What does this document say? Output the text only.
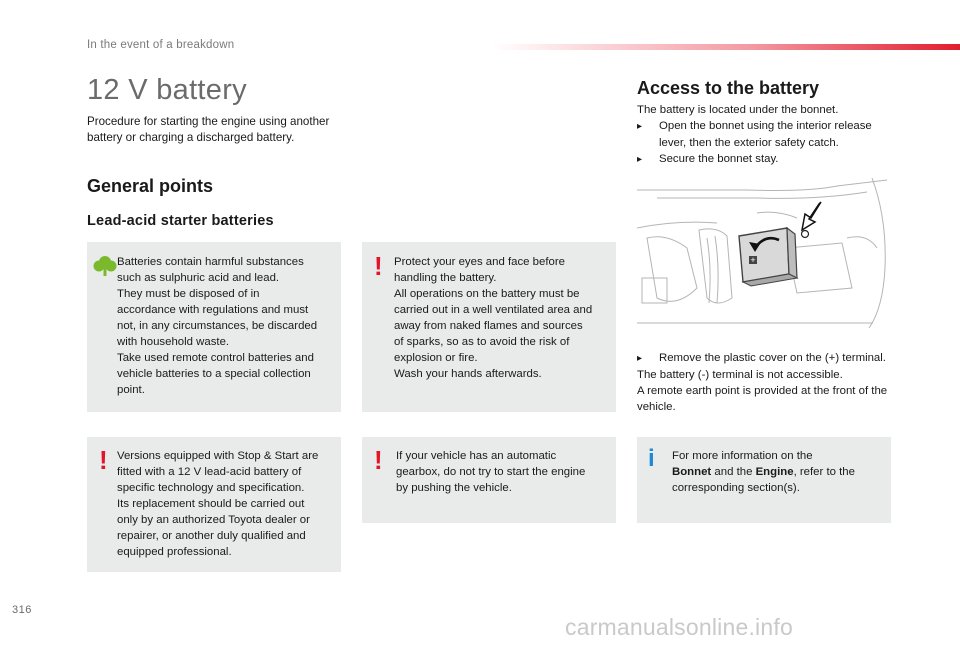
In the event of a breakdown
12 V battery
Procedure for starting the engine using another battery or charging a discharged battery.
General points
Lead-acid starter batteries
Batteries contain harmful substances
such as sulphuric acid and lead.
They must be disposed of in
accordance with regulations and must
not, in any circumstances, be discarded
with household waste.
Take used remote control batteries and
vehicle batteries to a special collection
point.
! Protect your eyes and face before
handling the battery.
All operations on the battery must be
carried out in a well ventilated area and
away from naked flames and sources
of sparks, so as to avoid the risk of
explosion or fire.
Wash your hands afterwards.
! Versions equipped with Stop & Start are
fitted with a 12 V lead-acid battery of
specific technology and specification.
Its replacement should be carried out
only by an authorized Toyota dealer or
repairer, or another duly qualified and
equipped professional.
! If your vehicle has an automatic
gearbox, do not try to start the engine
by pushing the vehicle.
i For more information on the
Bonnet and the Engine, refer to the
corresponding section(s).
Access to the battery
The battery is located under the bonnet.
▸ Open the bonnet using the interior release lever, then the exterior safety catch.
▸ Secure the bonnet stay.
+
▸ Remove the plastic cover on the (+) terminal.
The battery (-) terminal is not accessible.
A remote earth point is provided at the front of the vehicle.
316
carmanualsonline.info
